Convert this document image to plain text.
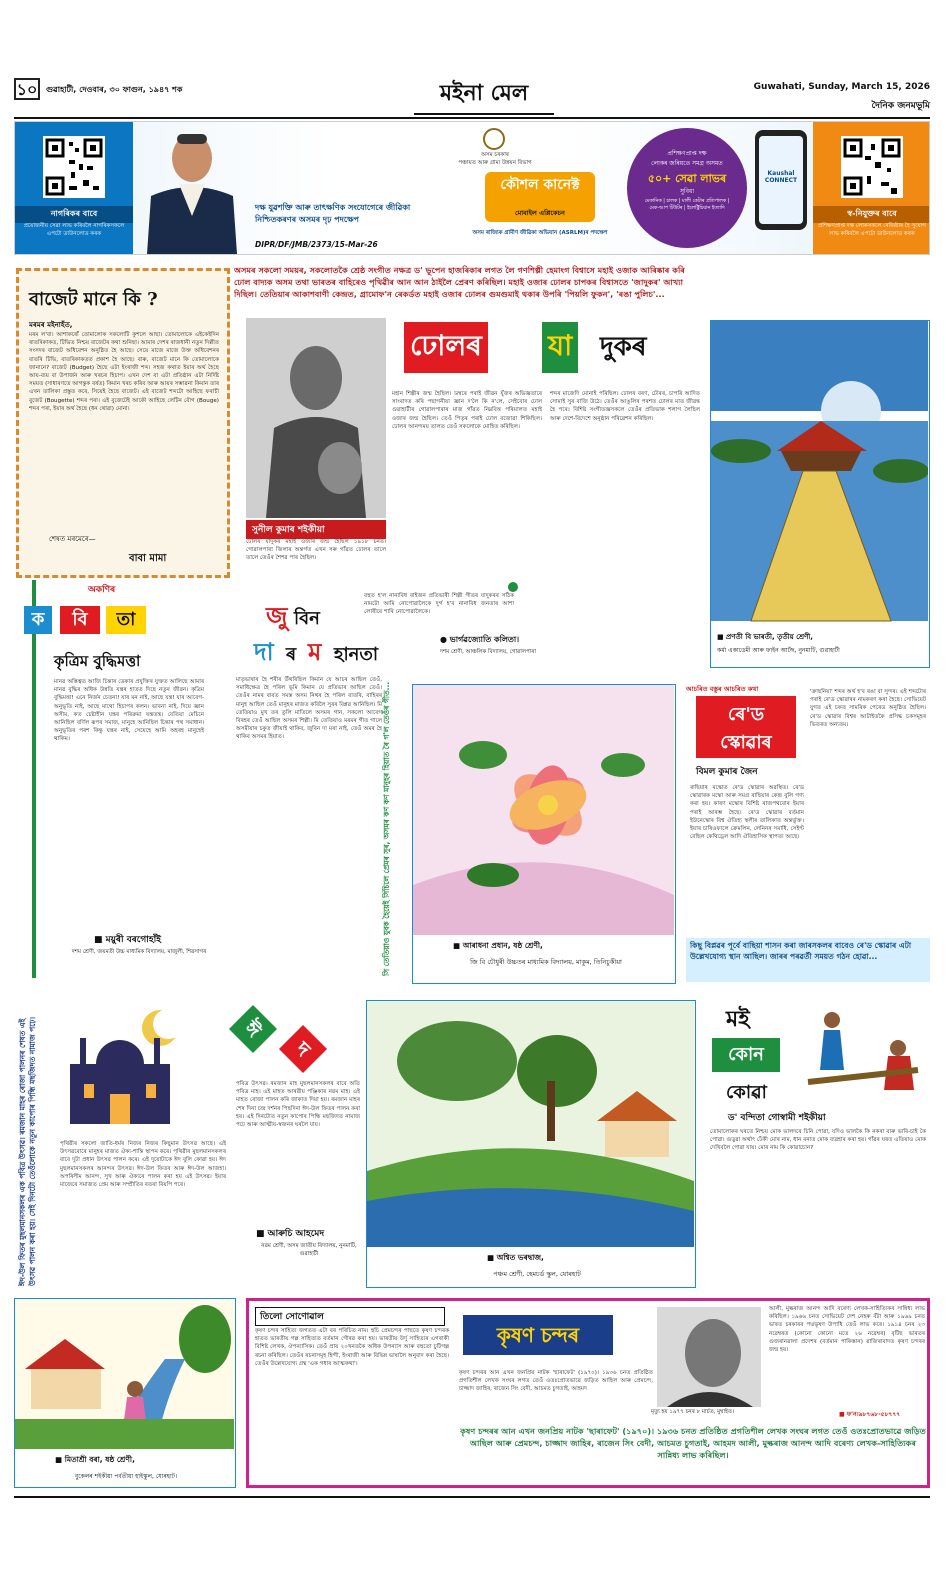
১০	গুৱাহাটী, দেওবাৰ, ৩০ ফাগুন, ১৯৪৭ শক	মইনা মেল	Guwahati, Sunday, March 15, 2026
দৈনিক জনমভূমি
নাগৰিকৰ বাবে
প্ৰয়োজনীয় সেৱা লাভ কৰিবলৈ নাগৰিকসকলে এপটো ডাউনলোড কৰক
দক্ষ যুৱশক্তি আৰু তাৎক্ষণিক সংযোগেৰে জীৱিকা নিশ্চিতকৰণৰ অসমৰ দৃঢ় পদক্ষেপ
অসম চৰকাৰ
পঞ্চায়ত আৰু গ্ৰাম্য উন্নয়ন বিভাগ
কৌশল কানেক্ট
মোবাইল এপ্লিকেচন
অসম ৰাজ্যিক গ্ৰামীণ জীৱিকা অভিযান (ASRLM)ৰ পদক্ষেপ
DIPR/DF/JMB/2373/15-Mar-26
প্ৰশিক্ষণপ্ৰাপ্ত দক্ষ
লোকৰ জৰিয়তে সমগ্ৰ অসমত
৫০+ সেৱা লাভৰ
সুবিধা
মেকানিক | চালক | মালী কেটাৰ প্ৰতিপালক | মেক-আপ টিউটৰ | ইলেক্ট্ৰিচিয়ান ইত্যাদি
Kaushal CONNECT
স্ব-নিযুক্তৰ বাবে
প্ৰশিক্ষণপ্ৰাপ্ত দক্ষ লোকসকলে ৰেজিষ্টাৰ হৈ সুযোগ লাভ কৰিবলৈ এপটো ডাউনলোড কৰক
বাজেট মানে কি ?
মৰমৰ মইনাহঁত,
মৰম ল'বা। আশাকৰোঁ তোমালোক সকলোটি কুশলে আছা। তোমালোকে এইকেইদিন ৰাতৰিকাকত, টিভিত নিশ্চয় বাজেটৰ কথা শুনিছা। আমাৰ দেশৰ ৰাজধানী নতুন দিল্লীত সংসদৰ বাজেট অধিবেশন অনুষ্ঠিত হৈ আছে। সেয়ে মাজে মাজে উক্ত অধিবেশনৰ বাতৰি টিভি, বাতৰিকাকতত প্ৰকাশ হৈ আছে। বাৰু, বাজেট মানে কি তোমালোকে জানানে? বাজেট (Budget) হৈছে এটা ইংৰাজী শব্দ। সহজ কথাত ইয়াৰ অৰ্থ হৈছে আয়-ব্যয় বা উপাৰ্জন আৰু খৰচৰ হিচাপ। এখন দেশ বা এটা প্ৰতিষ্ঠান এটা নিৰ্দিষ্ট সময়ত (সাধাৰণতে আগন্তুক বৰ্ষত) কিমান খৰচ কৰিব আৰু আয়ৰ সম্ভাৱনা কিমান তাৰ এখন তালিকা প্ৰস্তুত কৰে, সিয়েই হৈছে বাজেট। এই বাজেট শব্দটো আহিছে ফৰাচী বুজেট (Bougette) শব্দৰ পৰা। এই বুজেটেই আকৌ আহিছে লেটিন বৌগ (Bouge) শব্দৰ পৰা, ইয়াৰ অৰ্থ হৈছে (ধন থোৱা) মোনা।
শেষত মৰমেৰে—
বাবা মামা
অসমৰ সকলো সময়ৰ, সকলোতকৈ শ্ৰেষ্ঠ সংগীত নক্ষত্ৰ ড' ভূপেন হাজৰিকাৰ লগত লৈ গণশিল্পী হেমাংগ বিশ্বাসে মহাই ওজাক আৰিষ্কাৰ কৰি ঢোল বাদ্যক অসম তথা ভাৰতৰ বাহিৰেও পৃথিৱীৰ আন আন ঠাইলৈ প্ৰেৰণ কৰিছিল। মহাই ওজাৰ ঢোলৰ চাপকৰ বিশ্বাসতে 'জাদুকৰ' আখ্যা দিছিল। তেতিয়াৰ আকাশবাণী কেন্দ্ৰত, গ্ৰামোফ'ন ৰেকৰ্ডত মহাই ওজাৰ ঢোলৰ গুমগুমাই থকাৰ উপৰি 'পিয়লি ফুকন', 'ৰঙা পুলিচ'...
সুনীল কুমাৰ শইকীয়া
ঢোলৰ যাদুকৰ মহাই ওজাৰ জন্ম হৈছিল ১৯১৮ চনত। গোৱালপাৰা জিলাৰ অন্তৰ্গত এখন সৰু গাঁৱত ঢোলৰ তালে তালে তেওঁৰ শৈশৱ পাৰ হৈছিল।
ঢোলৰ যা দুকৰ
মহান শিল্পীৰ জন্ম হৈছিল। ডম্বৰে পৰাই জীৱন যুঁজৰ অভিজ্ঞতাৰে সাংবাদত কৰি পছাগনীয়া জ্ঞান দ'লৈ কি ন'লে, সেইবোৰ ঢোল গুৱাহাটীৰ গোৱালপাৰাৰ মাজ গাঁৱত নিম্নবিত্ত পৰিয়ালত মহাই ওজাৰ জন্ম হৈছিল। তেওঁ পিতৃৰ পৰাই ঢোল বজোৱা শিকিছিল। ঢোলৰ আনন্দময় তালত তেওঁ সকলোকে মোহিত কৰিছিল।
শব্দৰ মাজেদি মোনাই পৰিছিল। ঢোলৰ বৰণ, ঢৌৰৰ, চাপৰি আদিত সোমাই সুৰ বাজি উঠে। তেওঁৰ আঙুলিৰ পৰশত ঢোলৰ মাত জীৱন্ত হৈ পৰে। বিশিষ্ট সংগীতজ্ঞসকলে তেওঁৰ প্ৰতিভাক শলাগ লৈছিল আৰু দেশে-বিদেশে অনুষ্ঠান পৰিৱেশন কৰিছিল।
বহুত হ'ল নানাবিধ বাইজন প্ৰতিভাৰী শিল্পী গীতৰ যাদুকৰৰ সঠিক নামটো আমি নোপোৱালৈকে দুৰ্গ হ'ব নানাবিধ জনতাৰ আশা লোৰীয়ে শাৰি নোপোৱালৈকে।
● ভাৰ্গৱজ্যোতি কলিতা।
দশম শ্ৰেণী, আঞ্চলিক বিদ্যালয়, গোৱালপাৰা
■ প্ৰণতী বি ভাৰতী, তৃতীয় শ্ৰেণী,
কৰ্মা একাডেমী আৰু ফাইন আৰ্টছ, নুনমাটি, গুৱাহাটী
অকণিৰ
ক	বি	তা
কৃত্ৰিম বুদ্ধিমত্তা
মানৱ অস্তিত্বত আজি চিন্তাৰ ডেকাৰ প্ৰযুক্তিৰ যুক্তত আলিছে আমাৰ মানৱ বুদ্ধিৰ অধিক উন্নতি যন্ত্ৰৰ হাতত দিছে নতুন জীৱন। কৃত্ৰিম বুদ্ধিমত্তা! এনে নিৰ্জন চেতনা! যাৰ মন নাই, আছে যন্ত্ৰ! যাৰ আবেগ-অনুভূতি নাই, আছে মাথো হিচাপৰ কলন। ভাবনা নাই, দিয়ে জ্ঞান অসীম, কত চেষ্টাহীন যন্ত্ৰৰ পৰিক্ৰমা যন্ত্ৰতন্ত্ৰ। যেতিয়া মেচিনে আনিছিল বৰ্ণিল ৰূপৰ সমাজ, মানুহে আনিছিল চিন্তাৰ পথ সমাধান। অনুভূতিৰ পৰশ কিন্তু যন্ত্ৰৰ নাই, সেয়েহে আমি অহৰহ মানুহেই থাকিম।
■ ময়ুৰী বৰগোহাঁই
দশম শ্ৰেণী, জয়মতী উচ্চ মাধ্যমিক বিদ্যালয়, মাজুলী, শিৱসাগৰ
জু বিন
দা ৰ ম হানতা
মাতৃভাষাৰ হৈ শৰীৰ উঁথৰিছিল কিমান যে আচৰ আছিল তেওঁ, সমাধিক্ষেত্ৰ হৈ পৰিল ভূমি কিমান যে প্ৰতিভাৰ আছিল তেওঁ। তেওঁৰ নামৰ বাবত সমস্ত অসম নিথৰ হৈ পৰিল বাতৰি, বাহিৰৰ মানুহ আছিল তেওঁ মানুহৰ মাজত কবিলৈ সুৰৰ বিপ্লৱ আনিছিল। মি তেতিয়াও মুখ তৰ তুলি মাতিলে অসমৰ গান, সকলো আবেগ বিৰহৰ তেওঁ আছিল অসমৰ শিল্পী। মি তেতিয়াও মৰমৰ গীত গালে অসমীয়াৰ চকুত জীয়াই থাকিব, জুবিন দা মৰা নাই, তেওঁ অমৰ হৈ থাকিব অসমৰ হিয়াত।	সি তেতিয়াও যুবক হৈয়েই সিঁচিলে প্ৰেমৰ সুৰ, অসমৰ কণ কণ মানুহৰ হিয়াত ৰৈ গ'ল তেওঁৰ গীত...	■ আৰাধনা প্ৰধান, ষষ্ঠ শ্ৰেণী,
জি বি চৌধুৰী উচ্চতৰ মাধ্যমিক বিদ্যালয়, মাকুম, তিনিচুকীয়া
আচৰিত বস্তুৰ আচৰিত কথা
ৰে'ড
স্কোৱাৰ
বিমল কুমাৰ জৈন
ৰাছিয়াৰ মস্কোত ৰে'ড স্কোৱাৰ অৱস্থিত। ৰে'ড স্কোৱাৰক মস্কো আৰু সমগ্ৰ ৰাছিয়াৰ কেন্দ্ৰ বুলি গণ্য কৰা হয়। কাৰণ মস্কোৰ বিশিষ্ট ৰাজপথবোৰ ইয়াৰ পৰাই আৰম্ভ হৈছে। ৰে'ড স্কোৱাৰ বৰ্তমান ইউনেস্কোৰ বিশ্ব ঐতিহ্য স্থলীৰ তালিকাত অন্তৰ্ভুক্ত। ইয়াৰ চাৰিওফালে ক্ৰেমলিন, লেনিনৰ সমাধি, সেইণ্ট বেছিল কেথিড্ৰেল আদি ঐতিহাসিক স্থাপত্য আছে।
'ক্ৰাছনিয়া' শব্দৰ অৰ্থ হ'ব ৰঙা বা সুন্দৰ। এই শব্দটোৰ পৰাই ৰে'ড স্কোৱাৰৰ নামকৰণ কৰা হৈছে। সোভিয়েট যুগত এই চকত সামৰিক পেৰেড অনুষ্ঠিত হৈছিল। ৰে'ড স্কোৱাৰ বিশ্বৰ আটাইতকৈ প্ৰসিদ্ধ চকসমূহৰ ভিতৰত অন্যতম।
কিছু বিপ্লৱৰ পূৰ্বে বাছিয়া শাসন কৰা জাৰসকলৰ বাবেও ৰে'ড স্কোৱাৰ এটা উল্লেখযোগ্য স্থান আছিল। জাৰৰ পৰৱৰ্তী সময়ত গঠন হোৱা...
ঈদ-উল ফিতৰ মুছলমানসকলৰ এক পবিত্ৰ উৎসৱ। ৰমজান মাহৰ ৰোজা পালনৰ শেষত এই উৎসৱ পালন কৰা হয়। সেই দিনটো তেওঁলোকে নতুন কাপোৰ পিন্ধি মছজিদত নামাজ পঢ়ে।	ঈ
দ
পৃথিৱীৰ সকলো জাতি-ধৰ্মৰ নিজৰ নিজৰ কিছুমান উৎসৱ আছে। এই উৎসৱবোৰে মানুহৰ মাজত ঐক্য-শান্তি স্থাপন কৰে। পৃথিৱীৰ মুছলমানসকলৰ বাবে দুটা প্ৰধান উৎসৱ পালন কৰে। এই দুয়োটাকে ঈদ বুলি কোৱা হয়। ঈদ মুছলমানসকলৰ আনন্দৰ উৎসৱ। ঈদ-উল ফিতৰ আৰু ঈদ-উল আজহা। অপৰিসীম আনন্দ, সুখ আৰু ঐক্যৰে পালন কৰা হয় এই উৎসৱ। ইয়াৰ মাজেৰে সমাজত প্ৰেম আৰু সম্প্ৰীতিৰ বতৰা বিয়পি পৰে।
পবিত্ৰ উৎসৱ। ৰমজান মাহ মুছলমানসকলৰ বাবে অতি পবিত্ৰ মাহ। এই মাহত আৰৱীয় পঞ্জিকাৰ নৱম মাহ। এই মাহত ৰোজা পালন কৰি জাকাত দিয়া হয়। ৰমজান মাহৰ শেষ দিনা চন্দ্ৰ দৰ্শনৰ পিছদিনা ঈদ-উল ফিতৰ পালন কৰা হয়। এই দিনটোত নতুন কাপোৰ পিন্ধি মছজিদত নামাজ পঢ়ে আৰু আত্মীয়-স্বজনৰ ঘৰলৈ যায়।
■ আৰুচি আহমেদ
নৱম শ্ৰেণী, অসম জাতীয় বিদ্যালয়, নুনমাটি, গুৱাহাটী	■ অশ্বিত ভৰদ্বাজ,
পঞ্চম শ্ৰেণী, হেমচৰ্ড স্কুল, যোৰহাট
মই
কোন
কোৱা
ড' বন্দিতা গোস্বামী শইকীয়া
তোমালোকৰ ঘৰতে নিশ্চয় মোক ভালদৰে চিনি পোৱা, যদিও ভালকৈ কি নকৰা বাৰু ভাবি-চাই কৈ পোৱা। গুড়ুৱা অৰ্থাৎ ঢেঁকী মোৰ নাম, ধান বনাত মোক ব্যৱহাৰ কৰা হয়। গাঁৱৰ ঘৰত এতিয়াও মোক দেখিবলৈ পোৱা যায়। মোৰ নাম কি কোৱাচোন?
■ মিতাশ্ৰী বৰা, ষষ্ঠ শ্ৰেণী,
বুকেলৰ শইকীয়া পৰ্বতীয়া হাইস্কুল, যোৰহাট।
তিলো সোণোৱাল
কৃষণ চন্দৰ সাহিত্য জগতত এটা বৰ পৰিচিত নাম। হুচি প্ৰেমচন্দৰ পাছতে কৃষণ চন্দৰক হাতত ভাৰতীয় গল্প সাহিত্যত বৰ্তমান গৌৰৱ কৰা হয়। ভাৰতীয় উৰ্দু সাহিত্যৰ এগৰাকী বিশিষ্ট লেখক, ঔপন্যাসিক। তেওঁ প্ৰায় ২০খনতকৈ অধিক উপন্যাস আৰু বহুতো চুটিগল্প ৰচনা কৰিছিল। তেওঁৰ ৰচনাসমূহ হিন্দী, ইংৰাজী আৰু বিভিন্ন ভাষালৈ অনুবাদ কৰা হৈছে। তেওঁৰ উল্লেখযোগ্য গ্ৰন্থ 'এক গধাৰ আত্মকথা'।
কৃষণ চন্দৰ
কৃষণ চন্দৰৰ আন এখন জনপ্ৰিয় নাটক 'ছাৰাফেট' (১৯৭০)। ১৯৩৬ চনত প্ৰতিষ্ঠিত প্ৰগতিশীল লেখক সংঘৰ লগত তেওঁ ওতঃপ্ৰোতভাৱে জড়িত আছিল আৰু প্ৰেমচন্দ, চাজ্জাদ জাহিৰ, ৰাজেন সিং বেদী, আচমত চুগতাই, আহমদ
মৃত্যু হয় ১৯৭৭ চনৰ ৮ মাৰ্চত, মুম্বাইত।
আলী, মুল্কৰাজ আনন্দ আদি বৰেণ্য লেখক-সাহিত্যিকৰ সান্নিধ্য লাভ কৰিছিল। ১৯৬৬ চনত সোভিয়েট দেশ নেহৰু বঁটা আৰু ১৯৬৯ চনত ভাৰত চৰকাৰৰ পদ্মভূষণ উপাধি তেওঁ লাভ কৰে। ১৯১৪ চনৰ ২৩ নৱেম্বৰত (কোনো কোনো মতে ২৬ নৱেম্বৰ) বৃটিছ ভাৰতৰ গুজৰানৱালা প্ৰদেশৰ (বৰ্তমান পাকিস্তান) ৱাজিৰাবাদত কৃষণ চন্দৰৰ জন্ম হয়।
■ ফ'ন।৯৮৭৬৮-৫৮৭৭৭
কৃষণ চন্দৰৰ আন এখন জনপ্ৰিয় নাটক 'ছাৰাফেট' (১৯৭০)। ১৯৩৬ চনত প্ৰতিষ্ঠিত প্ৰগতিশীল লেখক সংঘৰ লগত তেওঁ ওতঃপ্ৰোতভাৱে জড়িত আছিল আৰু প্ৰেমচন্দ, চাজ্জাদ জাহিৰ, ৰাজেন সিং বেদী, আচমত চুগতাই, আহমদ আলী, মুল্কৰাজ আনন্দ আদি বৰেণ্য লেখক-সাহিত্যিকৰ সান্নিধ্য লাভ কৰিছিল।
